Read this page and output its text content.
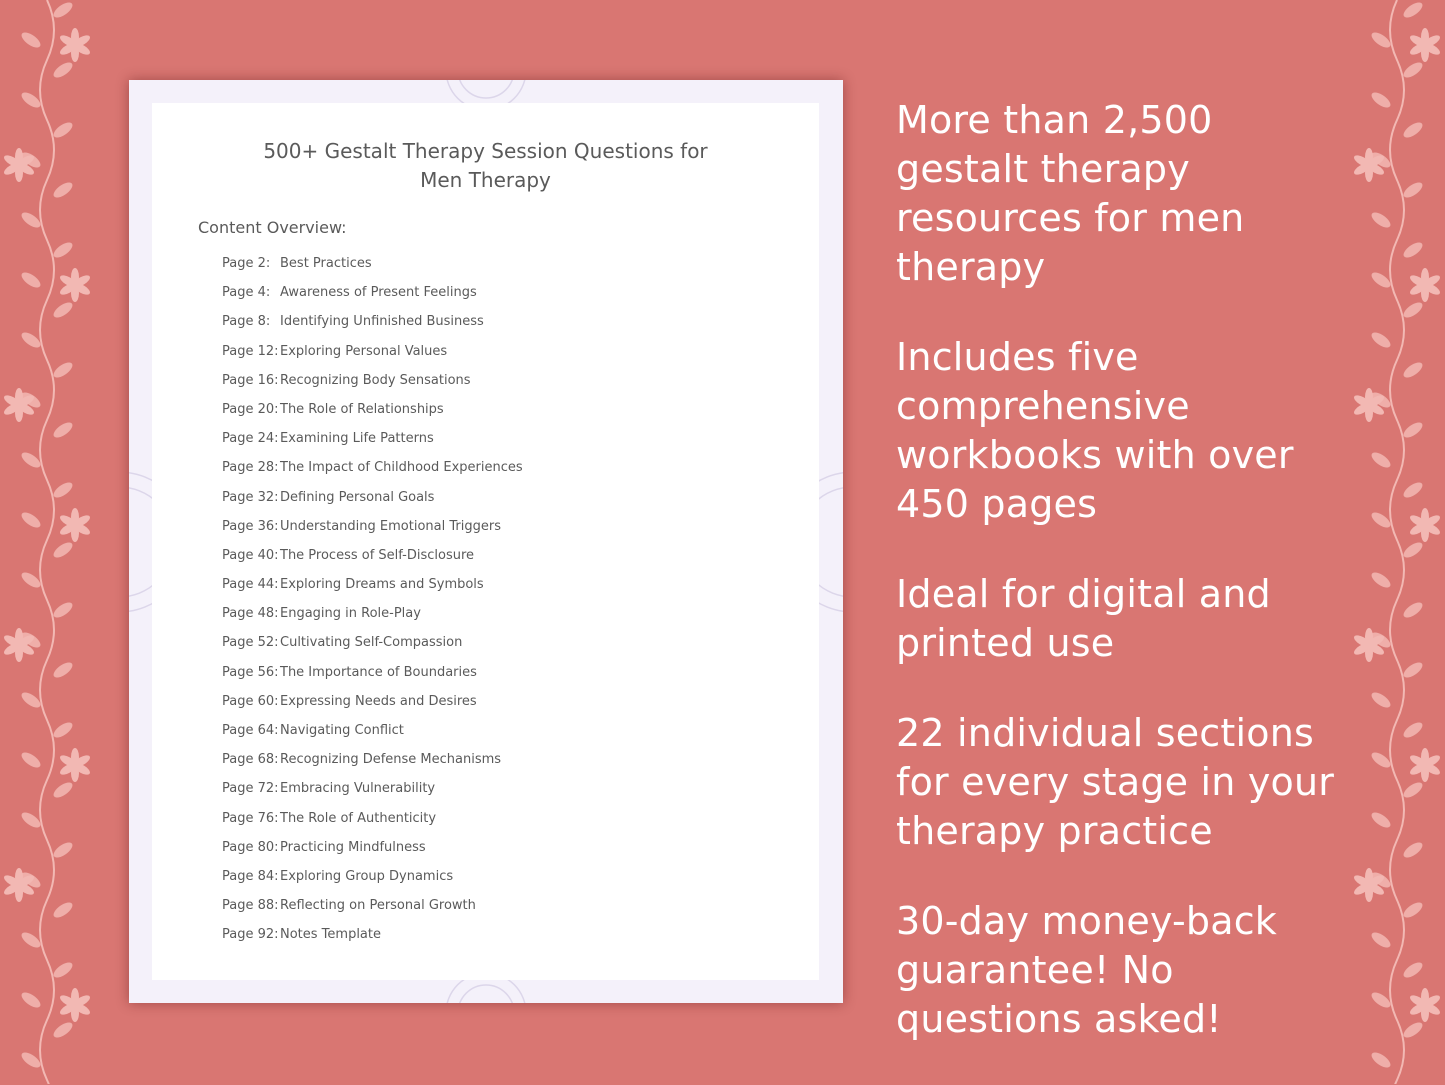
500+ Gestalt Therapy Session Questions for
Men Therapy
Content Overview:
Page 2: Best Practices
Page 4: Awareness of Present Feelings
Page 8: Identifying Unfinished Business
Page 12:Exploring Personal Values
Page 16:Recognizing Body Sensations
Page 20:The Role of Relationships
Page 24:Examining Life Patterns
Page 28:The Impact of Childhood Experiences
Page 32:Defining Personal Goals
Page 36:Understanding Emotional Triggers
Page 40:The Process of Self-Disclosure
Page 44:Exploring Dreams and Symbols
Page 48:Engaging in Role-Play
Page 52:Cultivating Self-Compassion
Page 56:The Importance of Boundaries
Page 60:Expressing Needs and Desires
Page 64:Navigating Conflict
Page 68:Recognizing Defense Mechanisms
Page 72:Embracing Vulnerability
Page 76:The Role of Authenticity
Page 80:Practicing Mindfulness
Page 84:Exploring Group Dynamics
Page 88:Reflecting on Personal Growth
Page 92:Notes Template
More than 2,500 gestalt therapy resources for men therapy
Includes five comprehensive workbooks with over 450 pages
Ideal for digital and printed use
22 individual sections for every stage in your therapy practice
30-day money-back guarantee! No questions asked!
